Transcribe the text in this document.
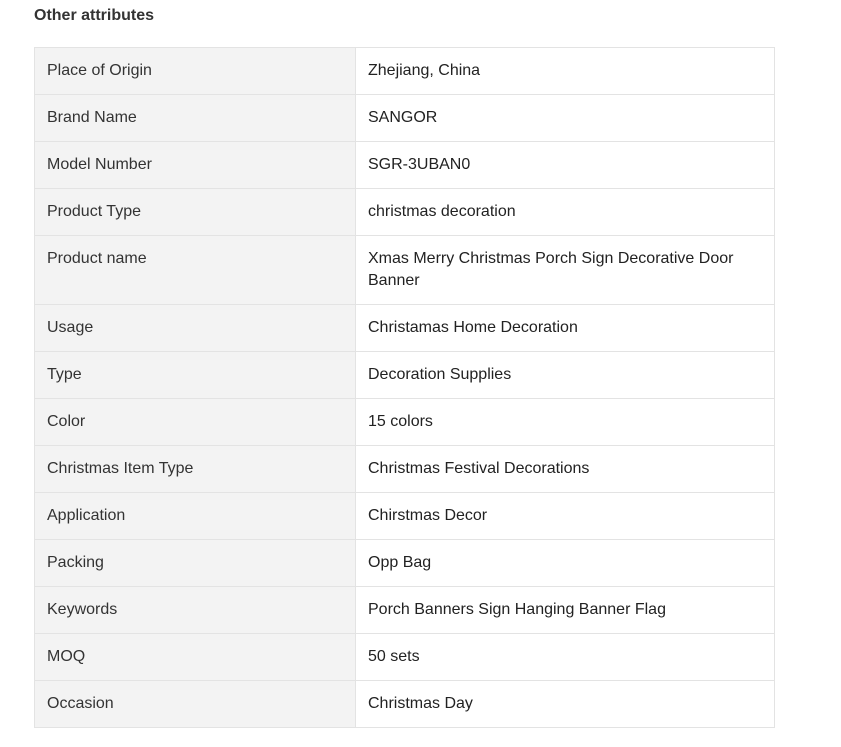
Other attributes
Place of Origin	Zhejiang, China
Brand Name	SANGOR
Model Number	SGR-3UBAN0
Product Type	christmas decoration
Product name	Xmas Merry Christmas Porch Sign Decorative Door Banner
Usage	Christamas Home Decoration
Type	Decoration Supplies
Color	15 colors
Christmas Item Type	Christmas Festival Decorations
Application	Chirstmas Decor
Packing	Opp Bag
Keywords	Porch Banners Sign Hanging Banner Flag
MOQ	50 sets
Occasion	Christmas Day
